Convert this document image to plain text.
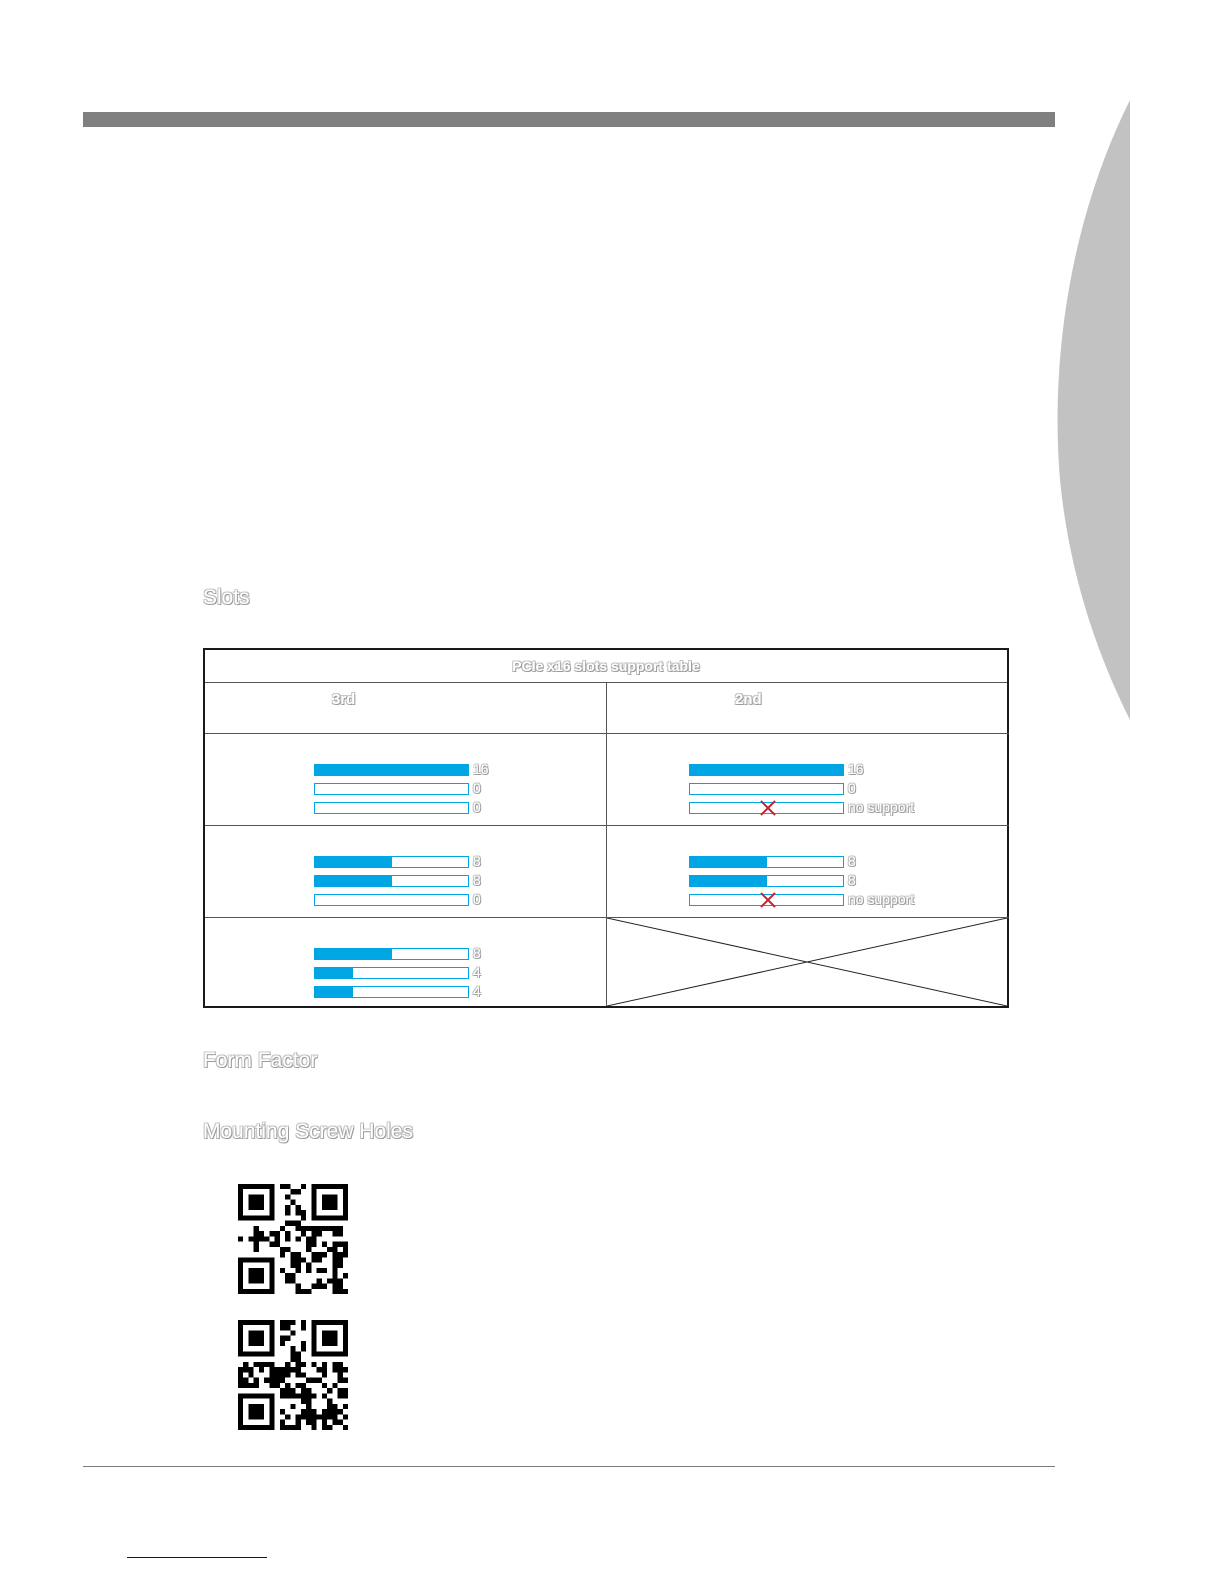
Slots
PCIe x16 slots support table
3rd	2nd
16
0
0
16
0
no support
8
8
0
8
8
no support
8
4
4
Form Factor
Mounting Screw Holes
